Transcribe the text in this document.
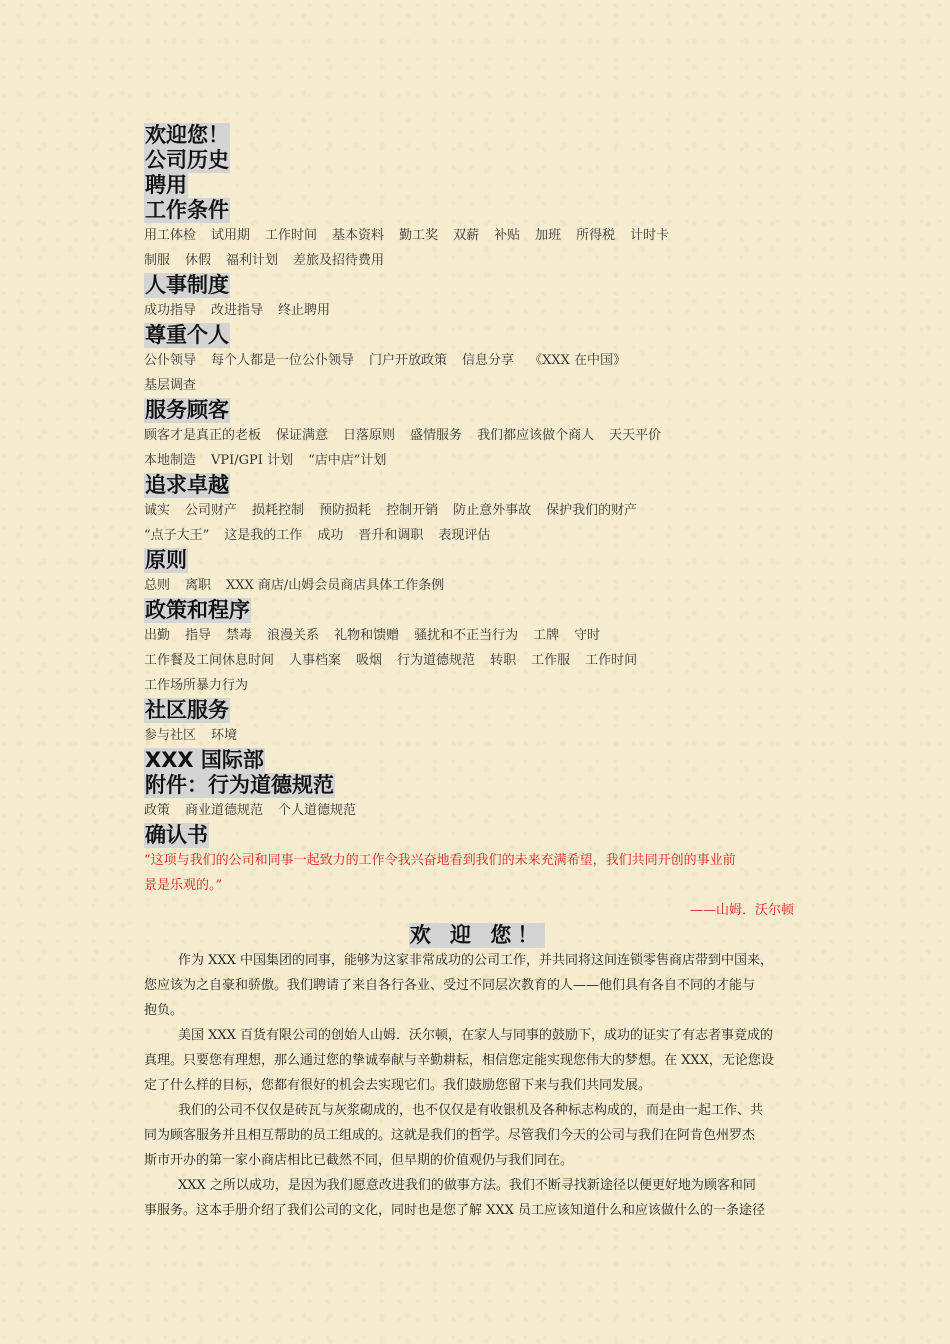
欢迎您！
公司历史
聘用
工作条件
用工体检 试用期 工作时间 基本资料 勤工奖 双薪 补贴 加班 所得税 计时卡
制服 休假 福利计划 差旅及招待费用
人事制度
成功指导 改进指导 终止聘用
尊重个人
公仆领导 每个人都是一位公仆领导 门户开放政策 信息分享 《XXX 在中国》
基层调查
服务顾客
顾客才是真正的老板 保证满意 日落原则 盛情服务 我们都应该做个商人 天天平价
本地制造 VPI/GPI 计划 “店中店”计划
追求卓越
诚实 公司财产 损耗控制 预防损耗 控制开销 防止意外事故 保护我们的财产
“点子大王” 这是我的工作 成功 晋升和调职 表现评估
原则
总则 离职 XXX 商店/山姆会员商店具体工作条例
政策和程序
出勤 指导 禁毒 浪漫关系 礼物和馈赠 骚扰和不正当行为 工牌 守时
工作餐及工间休息时间 人事档案 吸烟 行为道德规范 转职 工作服 工作时间
工作场所暴力行为
社区服务
参与社区 环境
XXX 国际部
附件：行为道德规范
政策 商业道德规范 个人道德规范
确认书
“这项与我们的公司和同事一起致力的工作令我兴奋地看到我们的未来充满希望，我们共同开创的事业前
景是乐观的。”
——山姆．沃尔顿
欢 迎 您！
作为 XXX 中国集团的同事，能够为这家非常成功的公司工作，并共同将这间连锁零售商店带到中国来，
您应该为之自豪和骄傲。我们聘请了来自各行各业、受过不同层次教育的人——他们具有各自不同的才能与
抱负。
美国 XXX 百货有限公司的创始人山姆．沃尔顿，在家人与同事的鼓励下，成功的证实了有志者事竟成的
真理。只要您有理想，那么通过您的挚诚奉献与辛勤耕耘，相信您定能实现您伟大的梦想。在 XXX，无论您设
定了什么样的目标，您都有很好的机会去实现它们。我们鼓励您留下来与我们共同发展。
我们的公司不仅仅是砖瓦与灰浆砌成的，也不仅仅是有收银机及各种标志构成的，而是由一起工作、共
同为顾客服务并且相互帮助的员工组成的。这就是我们的哲学。尽管我们今天的公司与我们在阿肯色州罗杰
斯市开办的第一家小商店相比已截然不同，但早期的价值观仍与我们同在。
XXX 之所以成功，是因为我们愿意改进我们的做事方法。我们不断寻找新途径以便更好地为顾客和同
事服务。这本手册介绍了我们公司的文化，同时也是您了解 XXX 员工应该知道什么和应该做什么的一条途径
